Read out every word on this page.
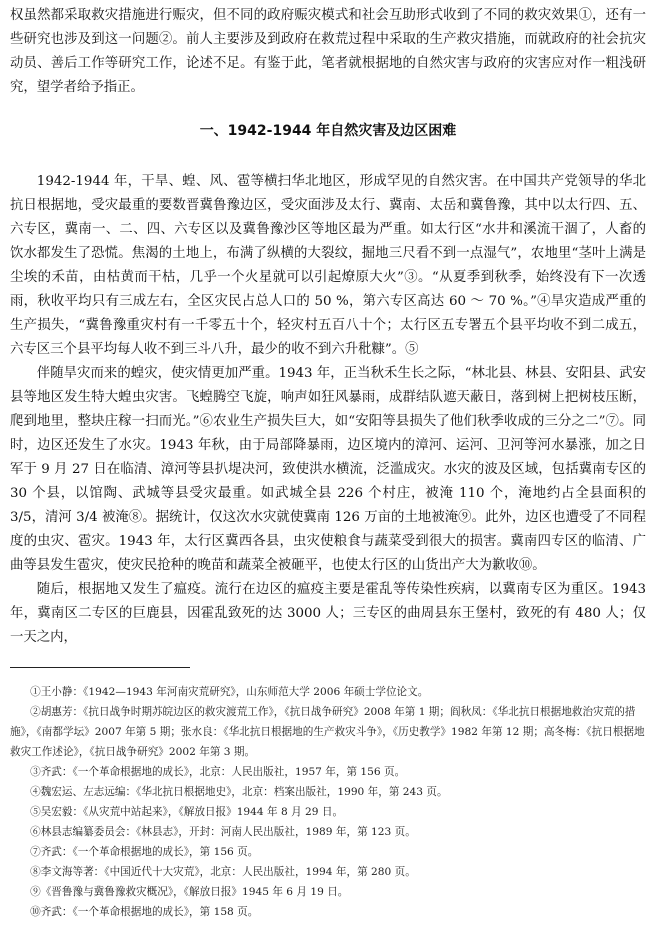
权虽然都采取救灾措施进行赈灾，但不同的政府赈灾模式和社会互助形式收到了不同的救灾效果①，还有一些研究也涉及到这一问题②。前人主要涉及到政府在救荒过程中采取的生产救灾措施，而就政府的社会抗灾动员、善后工作等研究工作，论述不足。有鉴于此，笔者就根据地的自然灾害与政府的灾害应对作一粗浅研究，望学者给予指正。

一、1942-1944 年自然灾害及边区困难

1942-1944 年，干旱、蝗、风、雹等横扫华北地区，形成罕见的自然灾害。在中国共产党领导的华北抗日根据地，受灾最重的要数晋冀鲁豫边区，受灾面涉及太行、冀南、太岳和冀鲁豫，其中以太行四、五、六专区，冀南一、二、四、六专区以及冀鲁豫沙区等地区最为严重。如太行区“水井和溪流干涸了，人畜的饮水都发生了恐慌。焦渴的土地上，布满了纵横的大裂纹，掘地三尺看不到一点湿气”，农地里“茎叶上满是尘埃的禾苗，由枯黄而干枯，几乎一个火星就可以引起燎原大火”③。“从夏季到秋季，始终没有下一次透雨，秋收平均只有三成左右，全区灾民占总人口的 50 %，第六专区高达 60 ～ 70 %。”④旱灾造成严重的生产损失，“冀鲁豫重灾村有一千零五十个，轻灾村五百八十个；太行区五专署五个县平均收不到二成五，六专区三个县平均每人收不到三斗八升，最少的收不到六升秕糠”。⑤

伴随旱灾而来的蝗灾，使灾情更加严重。1943 年，正当秋禾生长之际，“林北县、林县、安阳县、武安县等地区发生特大蝗虫灾害。飞蝗腾空飞旋，响声如狂风暴雨，成群结队遮天蔽日，落到树上把树枝压断，爬到地里，整块庄稼一扫而光。”⑥农业生产损失巨大，如“安阳等县损失了他们秋季收成的三分之二”⑦。同时，边区还发生了水灾。1943 年秋，由于局部降暴雨，边区境内的漳河、运河、卫河等河水暴涨，加之日军于 9 月 27 日在临清、漳河等县扒堤决河，致使洪水横流，泛滥成灾。水灾的波及区域，包括冀南专区的 30 个县，以馆陶、武城等县受灾最重。如武城全县 226 个村庄，被淹 110 个，淹地约占全县面积的 3/5，清河 3/4 被淹⑧。据统计，仅这次水灾就使冀南 126 万亩的土地被淹⑨。此外，边区也遭受了不同程度的虫灾、雹灾。1943 年，太行区冀西各县，虫灾使粮食与蔬菜受到很大的损害。冀南四专区的临清、广曲等县发生雹灾，使灾民抢种的晚苗和蔬菜全被砸平，也使太行区的山货出产大为歉收⑩。

随后，根据地又发生了瘟疫。流行在边区的瘟疫主要是霍乱等传染性疾病，以冀南专区为重区。1943 年，冀南区二专区的巨鹿县，因霍乱致死的达 3000 人；三专区的曲周县东王堡村，致死的有 480 人；仅一天之内，

①王小静：《1942—1943 年河南灾荒研究》，山东师范大学 2006 年硕士学位论文。
②胡惠芳：《抗日战争时期苏皖边区的救灾渡荒工作》，《抗日战争研究》2008 年第 1 期；阎秋凤：《华北抗日根据地救治灾荒的措施》，《南都学坛》2007 年第 5 期；张水良：《华北抗日根据地的生产救灾斗争》，《历史教学》1982 年第 12 期；高冬梅：《抗日根据地救灾工作述论》，《抗日战争研究》2002 年第 3 期。
③齐武：《一个革命根据地的成长》，北京：人民出版社，1957 年，第 156 页。
④魏宏运、左志远编：《华北抗日根据地史》，北京：档案出版社，1990 年，第 243 页。
⑤吴宏毅：《从灾荒中站起来》，《解放日报》1944 年 8 月 29 日。
⑥林县志编纂委员会：《林县志》，开封：河南人民出版社，1989 年，第 123 页。
⑦齐武：《一个革命根据地的成长》，第 156 页。
⑧李文海等著：《中国近代十大灾荒》，北京：人民出版社，1994 年，第 280 页。
⑨《晋鲁豫与冀鲁豫救灾概况》，《解放日报》1945 年 6 月 19 日。
⑩齐武：《一个革命根据地的成长》，第 158 页。
